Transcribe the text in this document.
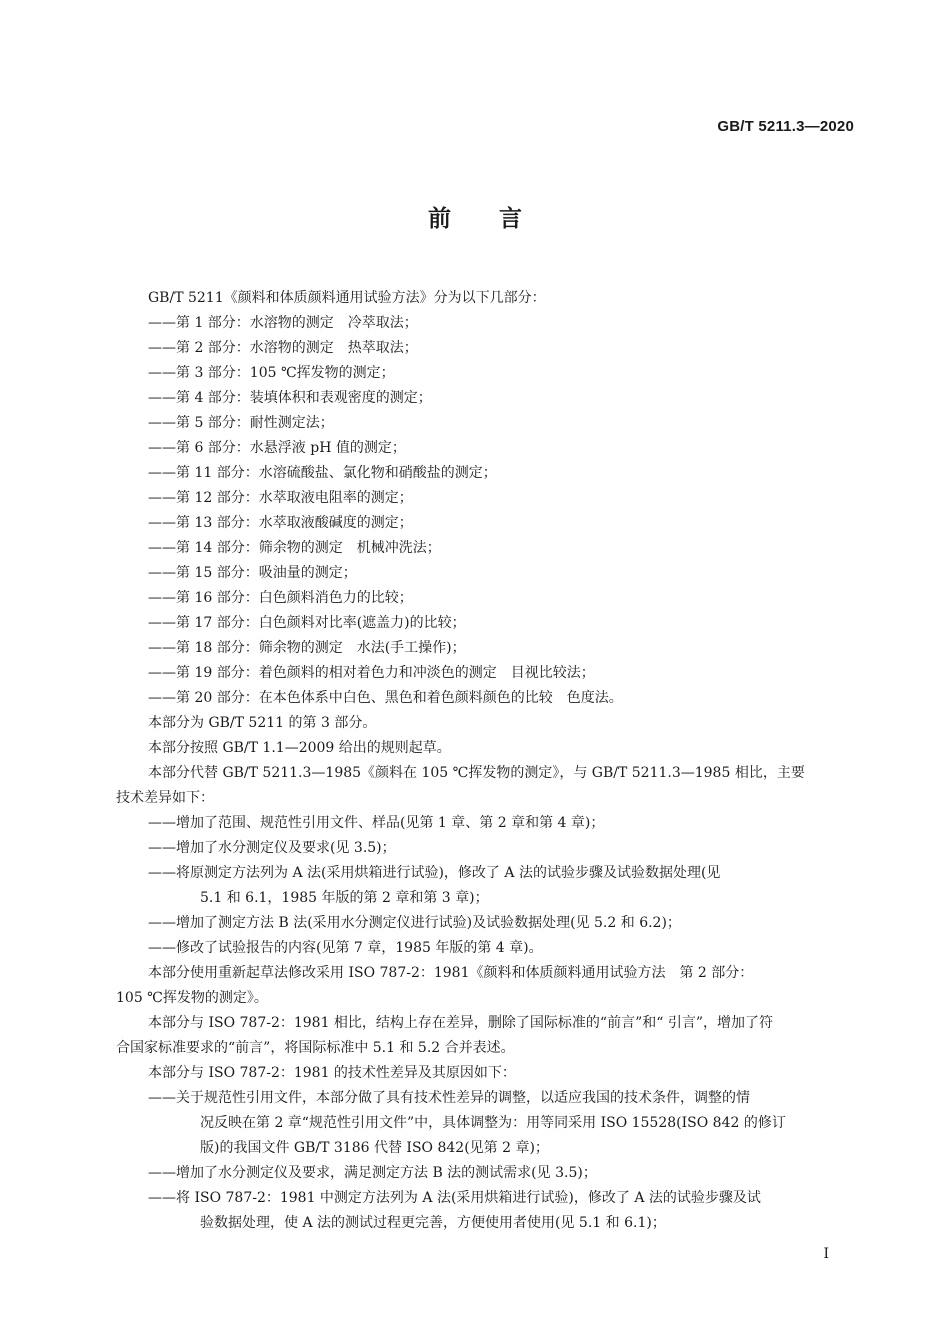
GB/T 5211.3—2020
前言
GB/T 5211《颜料和体质颜料通用试验方法》分为以下几部分：
——第 1 部分：水溶物的测定　冷萃取法；
——第 2 部分：水溶物的测定　热萃取法；
——第 3 部分：105 ℃挥发物的测定；
——第 4 部分：装填体积和表观密度的测定；
——第 5 部分：耐性测定法；
——第 6 部分：水悬浮液 pH 值的测定；
——第 11 部分：水溶硫酸盐、氯化物和硝酸盐的测定；
——第 12 部分：水萃取液电阻率的测定；
——第 13 部分：水萃取液酸碱度的测定；
——第 14 部分：筛余物的测定　机械冲洗法；
——第 15 部分：吸油量的测定；
——第 16 部分：白色颜料消色力的比较；
——第 17 部分：白色颜料对比率(遮盖力)的比较；
——第 18 部分：筛余物的测定　水法(手工操作)；
——第 19 部分：着色颜料的相对着色力和冲淡色的测定　目视比较法；
——第 20 部分：在本色体系中白色、黑色和着色颜料颜色的比较　色度法。
本部分为 GB/T 5211 的第 3 部分。
本部分按照 GB/T 1.1—2009 给出的规则起草。
本部分代替 GB/T 5211.3—1985《颜料在 105 ℃挥发物的测定》，与 GB/T 5211.3—1985 相比，主要
技术差异如下：
——增加了范围、规范性引用文件、样品(见第 1 章、第 2 章和第 4 章)；
——增加了水分测定仪及要求(见 3.5)；
——将原测定方法列为 A 法(采用烘箱进行试验)，修改了 A 法的试验步骤及试验数据处理(见
5.1 和 6.1，1985 年版的第 2 章和第 3 章)；
——增加了测定方法 B 法(采用水分测定仪进行试验)及试验数据处理(见 5.2 和 6.2)；
——修改了试验报告的内容(见第 7 章，1985 年版的第 4 章)。
本部分使用重新起草法修改采用 ISO 787-2：1981《颜料和体质颜料通用试验方法　第 2 部分：
105 ℃挥发物的测定》。
本部分与 ISO 787-2：1981 相比，结构上存在差异，删除了国际标准的“前言”和“ 引言”，增加了符
合国家标准要求的“前言”，将国际标准中 5.1 和 5.2 合并表述。
本部分与 ISO 787-2：1981 的技术性差异及其原因如下：
——关于规范性引用文件，本部分做了具有技术性差异的调整，以适应我国的技术条件，调整的情
况反映在第 2 章“规范性引用文件”中，具体调整为：用等同采用 ISO 15528(ISO 842 的修订
版)的我国文件 GB/T 3186 代替 ISO 842(见第 2 章)；
——增加了水分测定仪及要求，满足测定方法 B 法的测试需求(见 3.5)；
——将 ISO 787-2：1981 中测定方法列为 A 法(采用烘箱进行试验)，修改了 A 法的试验步骤及试
验数据处理，使 A 法的测试过程更完善，方便使用者使用(见 5.1 和 6.1)；
I
